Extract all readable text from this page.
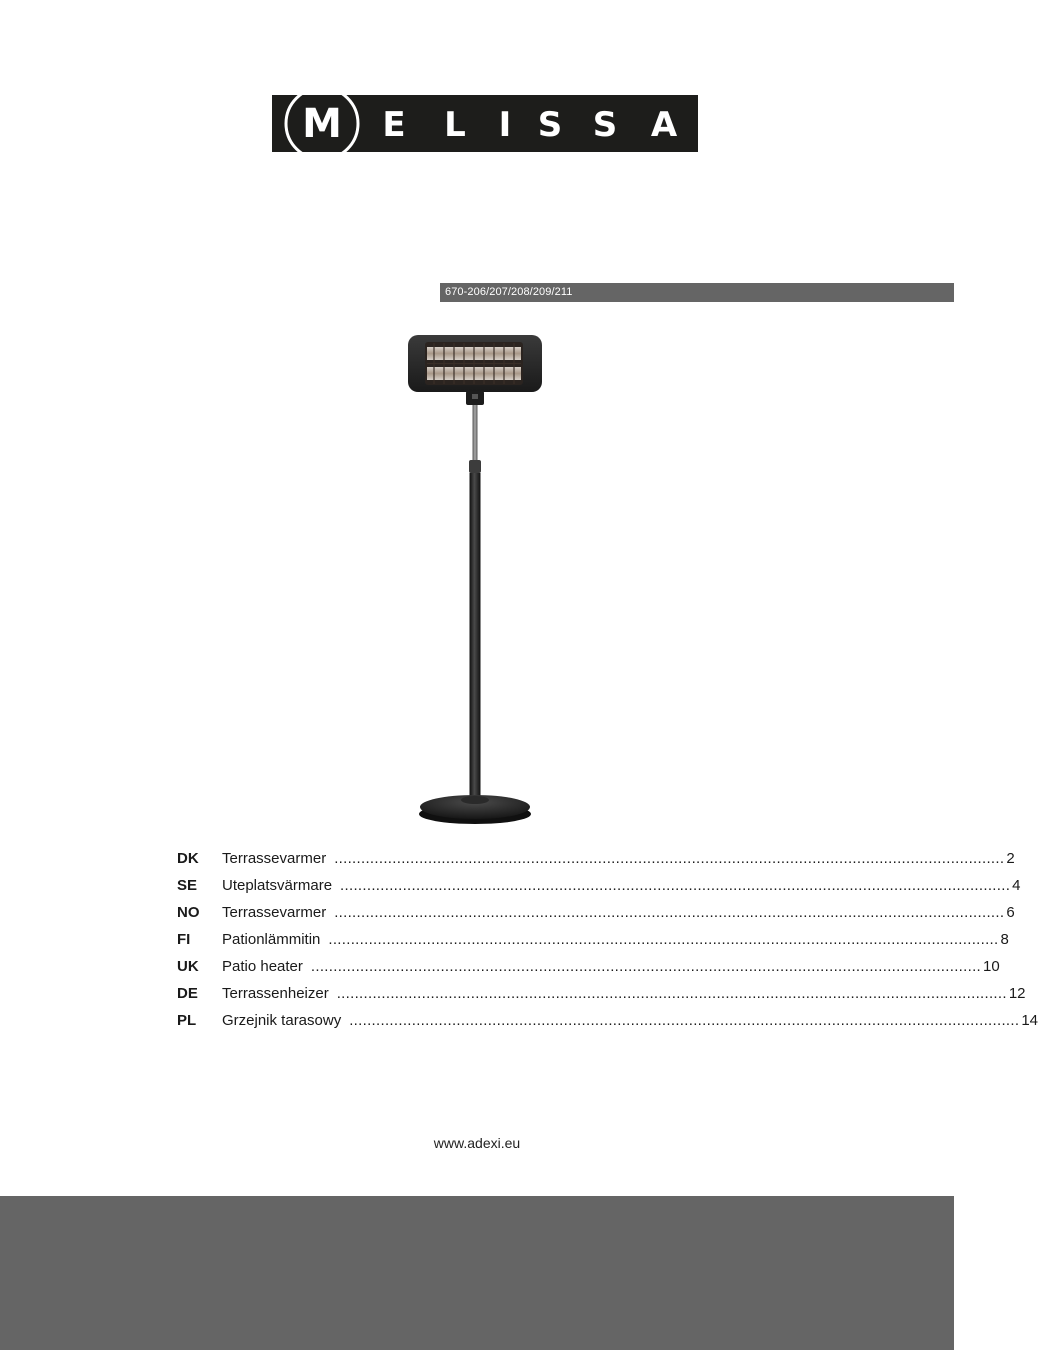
M E L I S S A
670-206/207/208/209/211
DK	Terrassevarmer ...................................................................................................................................................... 2
SE	Uteplatsvärmare ...................................................................................................................................................... 4
NO	Terrassevarmer ...................................................................................................................................................... 6
FI	Pationlämmitin ...................................................................................................................................................... 8
UK	Patio heater ...................................................................................................................................................... 10
DE	Terrassenheizer ...................................................................................................................................................... 12
PL	Grzejnik tarasowy ...................................................................................................................................................... 14
www.adexi.eu
